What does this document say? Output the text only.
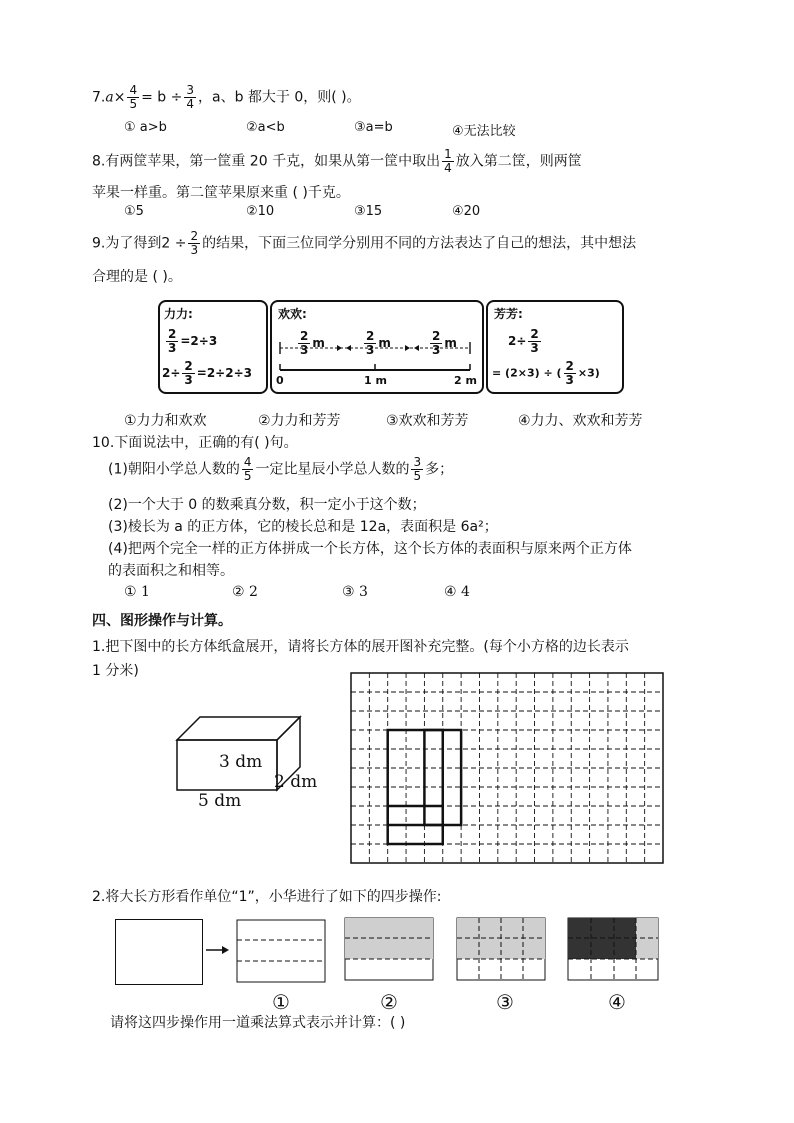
$7.a\times \frac{4}{5} = b \div \frac{3}{4}$ ，a、b 都大于 0，则( )。
① a>b	②a<b	③a=b	④无法比较
8.有两筐苹果，第一筐重 20 千克，如果从第一筐中取出 $\frac{1}{4}$ 放入第二筐，则两筐
苹果一样重。第二筐苹果原来重 ( )千克。
①5	②10	③15	④20
9.为了得到$2 \div \frac{2}{3}$ 的结果，下面三位同学分别用不同的方法表达了自己的想法，其中想法
合理的是 ( )。
力力:
$\frac{2}{3} =2\div 3$
$2\div \frac{2}{3} =2\div 2\div 3$
欢欢:
$\frac{2}{3}$ m	$\frac{2}{3}$ m	$\frac{2}{3}$ m
0	1 m	2 m
芳芳:
$2\div \frac{2}{3}$
= (2×3) ÷ ( $\frac{2}{3} \times 3$)
①力力和欢欢	②力力和芳芳	③欢欢和芳芳	④力力、欢欢和芳芳
10.下面说法中，正确的有( )句。
(1)朝阳小学总人数的 $\frac{4}{5}$ 一定比星辰小学总人数的 $\frac{3}{5}$ 多；
(2)一个大于 0 的数乘真分数，积一定小于这个数；
(3)棱长为 a 的正方体，它的棱长总和是 12a，表面积是 6a²；
(4)把两个完全一样的正方体拼成一个长方体，这个长方体的表面积与原来两个正方体
的表面积之和相等。
① 1	② 2	③ 3	④ 4
四、图形操作与计算。
1.把下图中的长方体纸盒展开，请将长方体的展开图补充完整。(每个小方格的边长表示
1 分米)
3 dm
2 dm
5 dm
2.将大长方形看作单位“1”，小华进行了如下的四步操作:
①	②	③	④
请将这四步操作用一道乘法算式表示并计算：( )
